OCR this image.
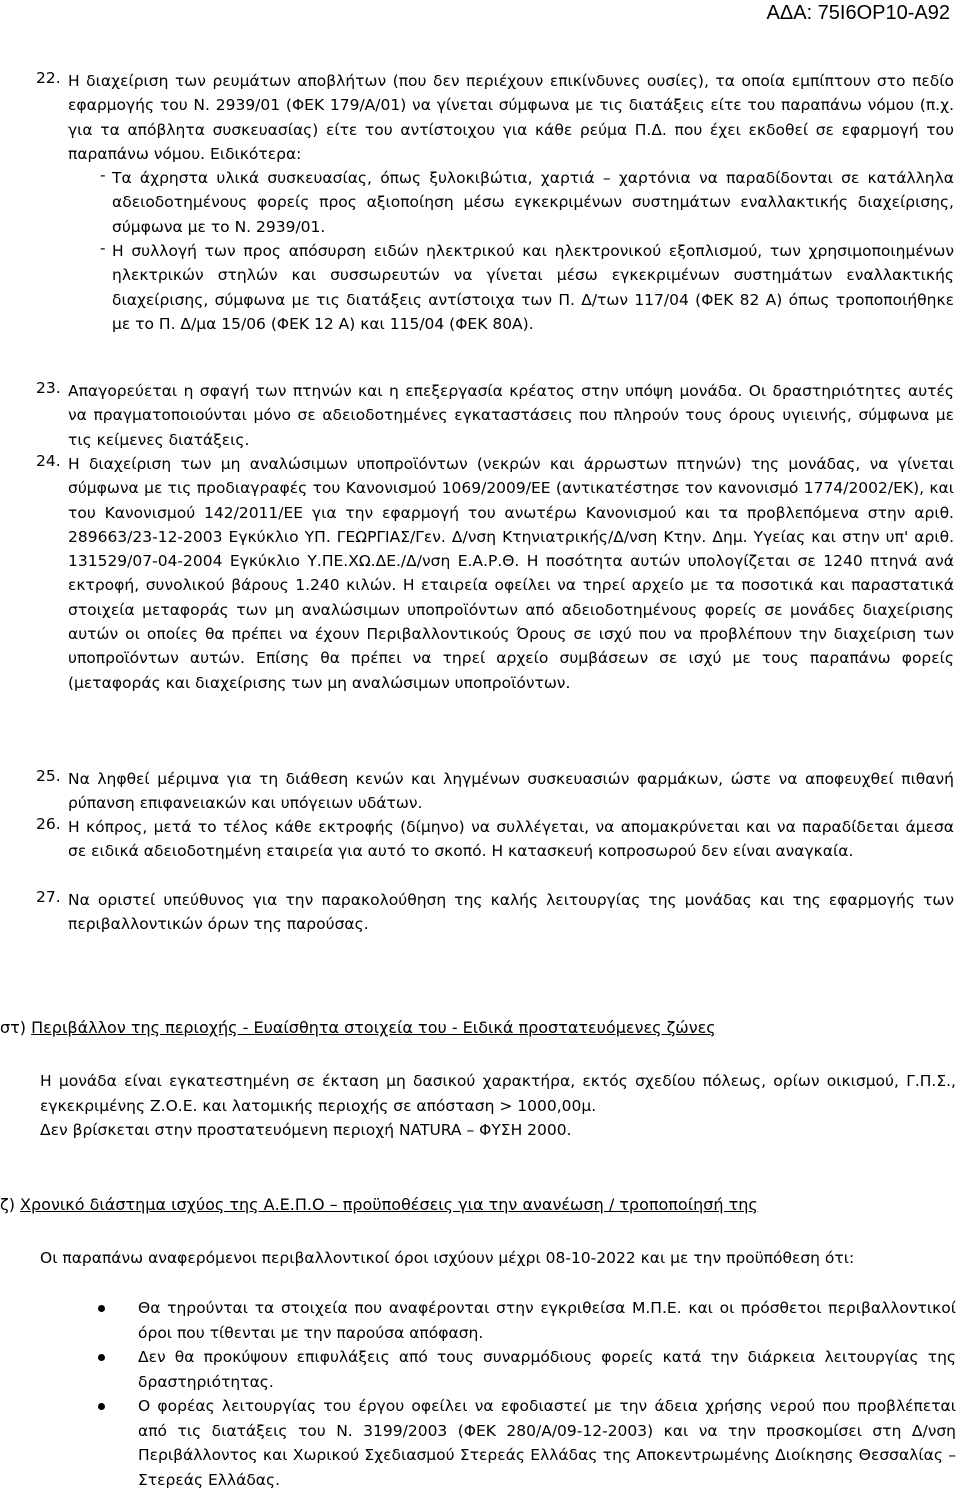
ΑΔΑ: 75Ι6ΟΡ10-Α92
22. Η διαχείριση των ρευμάτων αποβλήτων (που δεν περιέχουν επικίνδυνες ουσίες), τα οποία εμπίπτουν στο πεδίο εφαρμογής του Ν. 2939/01 (ΦΕΚ 179/Α/01) να γίνεται σύμφωνα με τις διατάξεις είτε του παραπάνω νόμου (π.χ. για τα απόβλητα συσκευασίας) είτε του αντίστοιχου για κάθε ρεύμα Π.Δ. που έχει εκδοθεί σε εφαρμογή του παραπάνω νόμου. Ειδικότερα:
- Τα άχρηστα υλικά συσκευασίας, όπως ξυλοκιβώτια, χαρτιά – χαρτόνια να παραδίδονται σε κατάλληλα αδειοδοτημένους φορείς προς αξιοποίηση μέσω εγκεκριμένων συστημάτων εναλλακτικής διαχείρισης, σύμφωνα με το Ν. 2939/01.
- Η συλλογή των προς απόσυρση ειδών ηλεκτρικού και ηλεκτρονικού εξοπλισμού, των χρησιμοποιημένων ηλεκτρικών στηλών και συσσωρευτών να γίνεται μέσω εγκεκριμένων συστημάτων εναλλακτικής διαχείρισης, σύμφωνα με τις διατάξεις αντίστοιχα των Π. Δ/των 117/04 (ΦΕΚ 82 Α) όπως τροποποιήθηκε με το Π. Δ/μα 15/06 (ΦΕΚ 12 Α) και 115/04 (ΦΕΚ 80Α).
23. Απαγορεύεται η σφαγή των πτηνών και η επεξεργασία κρέατος στην υπόψη μονάδα. Οι δραστηριότητες αυτές να πραγματοποιούνται μόνο σε αδειοδοτημένες εγκαταστάσεις που πληρούν τους όρους υγιεινής, σύμφωνα με τις κείμενες διατάξεις.
24. Η διαχείριση των μη αναλώσιμων υποπροϊόντων (νεκρών και άρρωστων πτηνών) της μονάδας, να γίνεται σύμφωνα με τις προδιαγραφές του Κανονισμού 1069/2009/ΕΕ (αντικατέστησε τον κανονισμό 1774/2002/ΕΚ), και του Κανονισμού 142/2011/ΕΕ για την εφαρμογή του ανωτέρω Κανονισμού και τα προβλεπόμενα στην αριθ. 289663/23-12-2003 Εγκύκλιο ΥΠ. ΓΕΩΡΓΙΑΣ/Γεν. Δ/νση Κτηνιατρικής/Δ/νση Κτην. Δημ. Υγείας και στην υπ' αριθ. 131529/07-04-2004 Εγκύκλιο Υ.ΠΕ.ΧΩ.ΔΕ./Δ/νση Ε.Α.Ρ.Θ. Η ποσότητα αυτών υπολογίζεται σε 1240 πτηνά ανά εκτροφή, συνολικού βάρους 1.240 κιλών. Η εταιρεία οφείλει να τηρεί αρχείο με τα ποσοτικά και παραστατικά στοιχεία μεταφοράς των μη αναλώσιμων υποπροϊόντων από αδειοδοτημένους φορείς σε μονάδες διαχείρισης αυτών οι οποίες θα πρέπει να έχουν Περιβαλλοντικούς Όρους σε ισχύ που να προβλέπουν την διαχείριση των υποπροϊόντων αυτών. Επίσης θα πρέπει να τηρεί αρχείο συμβάσεων σε ισχύ με τους παραπάνω φορείς (μεταφοράς και διαχείρισης των μη αναλώσιμων υποπροϊόντων.
25. Να ληφθεί μέριμνα για τη διάθεση κενών και ληγμένων συσκευασιών φαρμάκων, ώστε να αποφευχθεί πιθανή ρύπανση επιφανειακών και υπόγειων υδάτων.
26. Η κόπρος, μετά το τέλος κάθε εκτροφής (δίμηνο) να συλλέγεται, να απομακρύνεται και να παραδίδεται άμεσα σε ειδικά αδειοδοτημένη εταιρεία για αυτό το σκοπό. Η κατασκευή κοπροσωρού δεν είναι αναγκαία.
27. Να οριστεί υπεύθυνος για την παρακολούθηση της καλής λειτουργίας της μονάδας και της εφαρμογής των περιβαλλοντικών όρων της παρούσας.
στ) Περιβάλλον της περιοχής - Ευαίσθητα στοιχεία του - Ειδικά προστατευόμενες ζώνες
Η μονάδα είναι εγκατεστημένη σε έκταση μη δασικού χαρακτήρα, εκτός σχεδίου πόλεως, ορίων οικισμού, Γ.Π.Σ., εγκεκριμένης Ζ.Ο.Ε. και λατομικής περιοχής σε απόσταση > 1000,00μ.
Δεν βρίσκεται στην προστατευόμενη περιοχή NATURA – ΦΥΣΗ 2000.
ζ) Χρονικό διάστημα ισχύος της Α.Ε.Π.Ο – προϋποθέσεις για την ανανέωση / τροποποίησή της
Οι παραπάνω αναφερόμενοι περιβαλλοντικοί όροι ισχύουν μέχρι 08-10-2022 και με την προϋπόθεση ότι:
Θα τηρούνται τα στοιχεία που αναφέρονται στην εγκριθείσα Μ.Π.Ε. και οι πρόσθετοι περιβαλλοντικοί όροι που τίθενται με την παρούσα απόφαση.
Δεν θα προκύψουν επιφυλάξεις από τους συναρμόδιους φορείς κατά την διάρκεια λειτουργίας της δραστηριότητας.
Ο φορέας λειτουργίας του έργου οφείλει να εφοδιαστεί με την άδεια χρήσης νερού που προβλέπεται από τις διατάξεις του Ν. 3199/2003 (ΦΕΚ 280/Α/09-12-2003) και να την προσκομίσει στη Δ/νση Περιβάλλοντος και Χωρικού Σχεδιασμού Στερεάς Ελλάδας της Αποκεντρωμένης Διοίκησης Θεσσαλίας – Στερεάς Ελλάδας.
